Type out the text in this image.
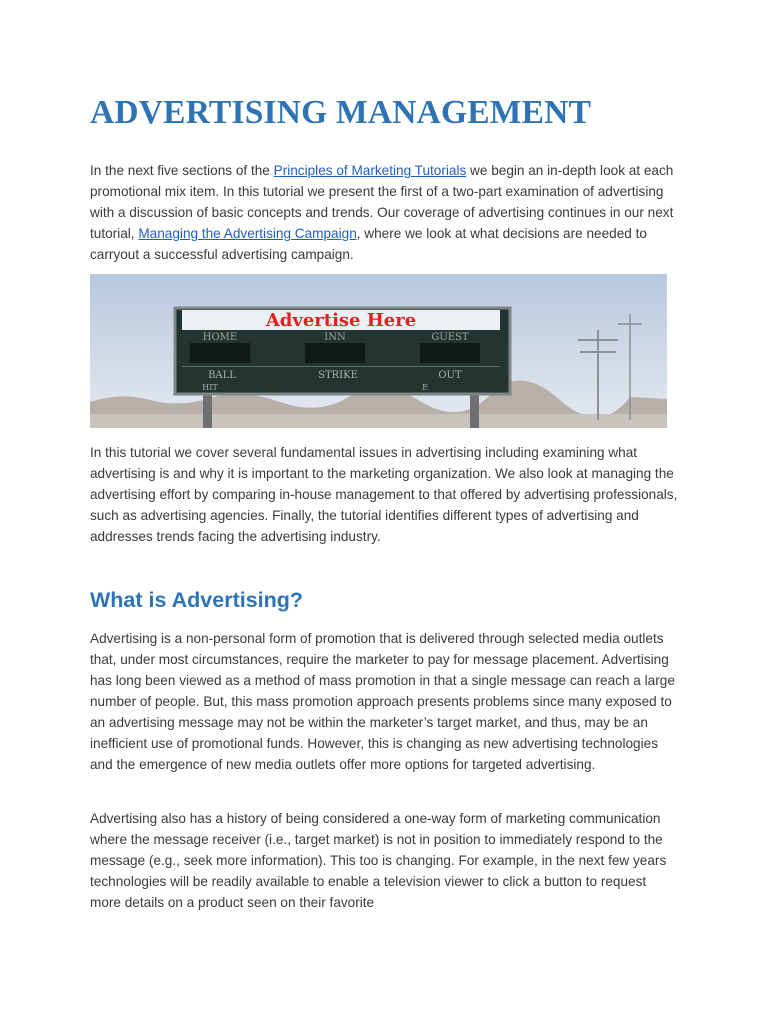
ADVERTISING MANAGEMENT

In the next five sections of the Principles of Marketing Tutorials we begin an in-depth look at each promotional mix item. In this tutorial we present the first of a two-part examination of advertising with a discussion of basic concepts and trends. Our coverage of advertising continues in our next tutorial, Managing the Advertising Campaign, where we look at what decisions are needed to carryout a successful advertising campaign.

Advertise Here
HOME	INN	GUEST
BALL	STRIKE	OUT
HIT	E

In this tutorial we cover several fundamental issues in advertising including examining what advertising is and why it is important to the marketing organization. We also look at managing the advertising effort by comparing in-house management to that offered by advertising professionals, such as advertising agencies. Finally, the tutorial identifies different types of advertising and addresses trends facing the advertising industry.

What is Advertising?

Advertising is a non-personal form of promotion that is delivered through selected media outlets that, under most circumstances, require the marketer to pay for message placement. Advertising has long been viewed as a method of mass promotion in that a single message can reach a large number of people. But, this mass promotion approach presents problems since many exposed to an advertising message may not be within the marketer’s target market, and thus, may be an inefficient use of promotional funds. However, this is changing as new advertising technologies and the emergence of new media outlets offer more options for targeted advertising.

Advertising also has a history of being considered a one-way form of marketing communication where the message receiver (i.e., target market) is not in position to immediately respond to the message (e.g., seek more information). This too is changing. For example, in the next few years technologies will be readily available to enable a television viewer to click a button to request more details on a product seen on their favorite
